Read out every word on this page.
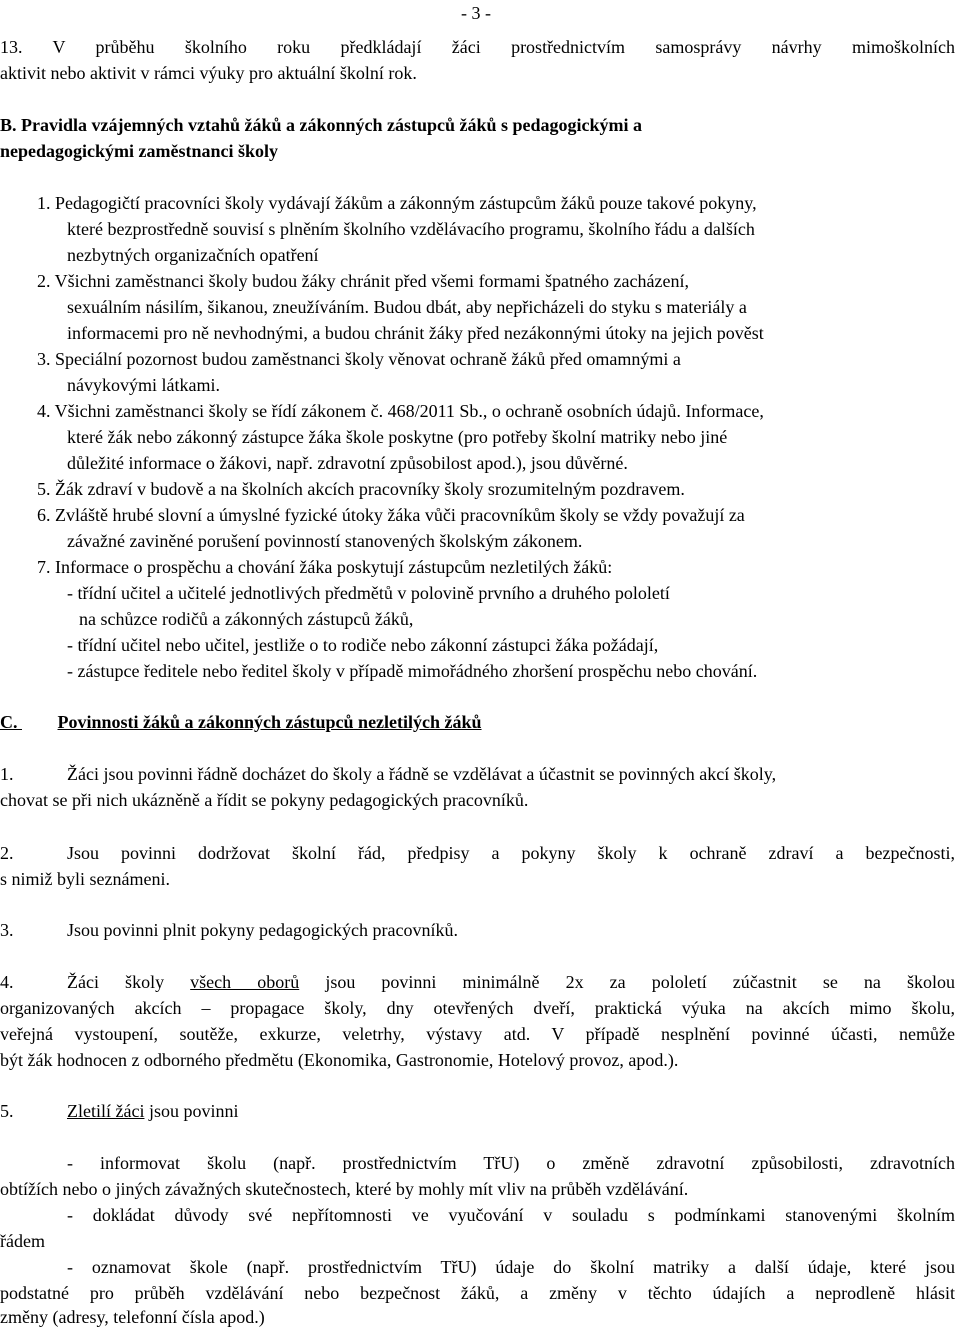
- 3 -
13. V průběhu školního roku předkládají žáci prostřednictvím samosprávy návrhy mimoškolních
aktivit nebo aktivit v rámci výuky pro aktuální školní rok.
B. Pravidla vzájemných vztahů žáků a zákonných zástupců žáků s pedagogickými a
nepedagogickými zaměstnanci školy
1. Pedagogičtí pracovníci školy vydávají žákům a zákonným zástupcům žáků pouze takové pokyny,
které bezprostředně souvisí s plněním školního vzdělávacího programu, školního řádu a dalších
nezbytných organizačních opatření
2. Všichni zaměstnanci školy budou žáky chránit před všemi formami špatného zacházení,
sexuálním násilím, šikanou, zneužíváním. Budou dbát, aby nepřicházeli do styku s materiály a
informacemi pro ně nevhodnými, a budou chránit žáky před nezákonnými útoky na jejich pověst
3. Speciální pozornost budou zaměstnanci školy věnovat ochraně žáků před omamnými a
návykovými látkami.
4. Všichni zaměstnanci školy se řídí zákonem č. 468/2011 Sb., o ochraně osobních údajů. Informace,
které žák nebo zákonný zástupce žáka škole poskytne (pro potřeby školní matriky nebo jiné
důležité informace o žákovi, např. zdravotní způsobilost apod.), jsou důvěrné.
5. Žák zdraví v budově a na školních akcích pracovníky školy srozumitelným pozdravem.
6. Zvláště hrubé slovní a úmyslné fyzické útoky žáka vůči pracovníkům školy se vždy považují za
závažné zaviněné porušení povinností stanovených školským zákonem.
7. Informace o prospěchu a chování žáka poskytují zástupcům nezletilých žáků:
- třídní učitel a učitelé jednotlivých předmětů v polovině prvního a druhého pololetí
na schůzce rodičů a zákonných zástupců žáků,
- třídní učitel nebo učitel, jestliže o to rodiče nebo zákonní zástupci žáka požádají,
- zástupce ředitele nebo ředitel školy v případě mimořádného zhoršení prospěchu nebo chování.
C. Povinnosti žáků a zákonných zástupců nezletilých žáků
1.	Žáci jsou povinni řádně docházet do školy a řádně se vzdělávat a účastnit se povinných akcí školy,
chovat se při nich ukázněně a řídit se pokyny pedagogických pracovníků.
2.	Jsou povinni dodržovat školní řád, předpisy a pokyny školy k ochraně zdraví a bezpečnosti,
s nimiž byli seznámeni.
3.	Jsou povinni plnit pokyny pedagogických pracovníků.
4.	Žáci školy všech oborů jsou povinni minimálně 2x za pololetí zúčastnit se na školou
organizovaných akcích – propagace školy, dny otevřených dveří, praktická výuka na akcích mimo školu,
veřejná vystoupení, soutěže, exkurze, veletrhy, výstavy atd. V případě nesplnění povinné účasti, nemůže
být žák hodnocen z odborného předmětu (Ekonomika, Gastronomie, Hotelový provoz, apod.).
5.	Zletilí žáci jsou povinni
- informovat školu (např. prostřednictvím TřU) o změně zdravotní způsobilosti, zdravotních
obtížích nebo o jiných závažných skutečnostech, které by mohly mít vliv na průběh vzdělávání.
- dokládat důvody své nepřítomnosti ve vyučování v souladu s podmínkami stanovenými školním
řádem
- oznamovat škole (např. prostřednictvím TřU) údaje do školní matriky a další údaje, které jsou
podstatné pro průběh vzdělávání nebo bezpečnost žáků, a změny v těchto údajích a neprodleně hlásit
změny (adresy, telefonní čísla apod.)
